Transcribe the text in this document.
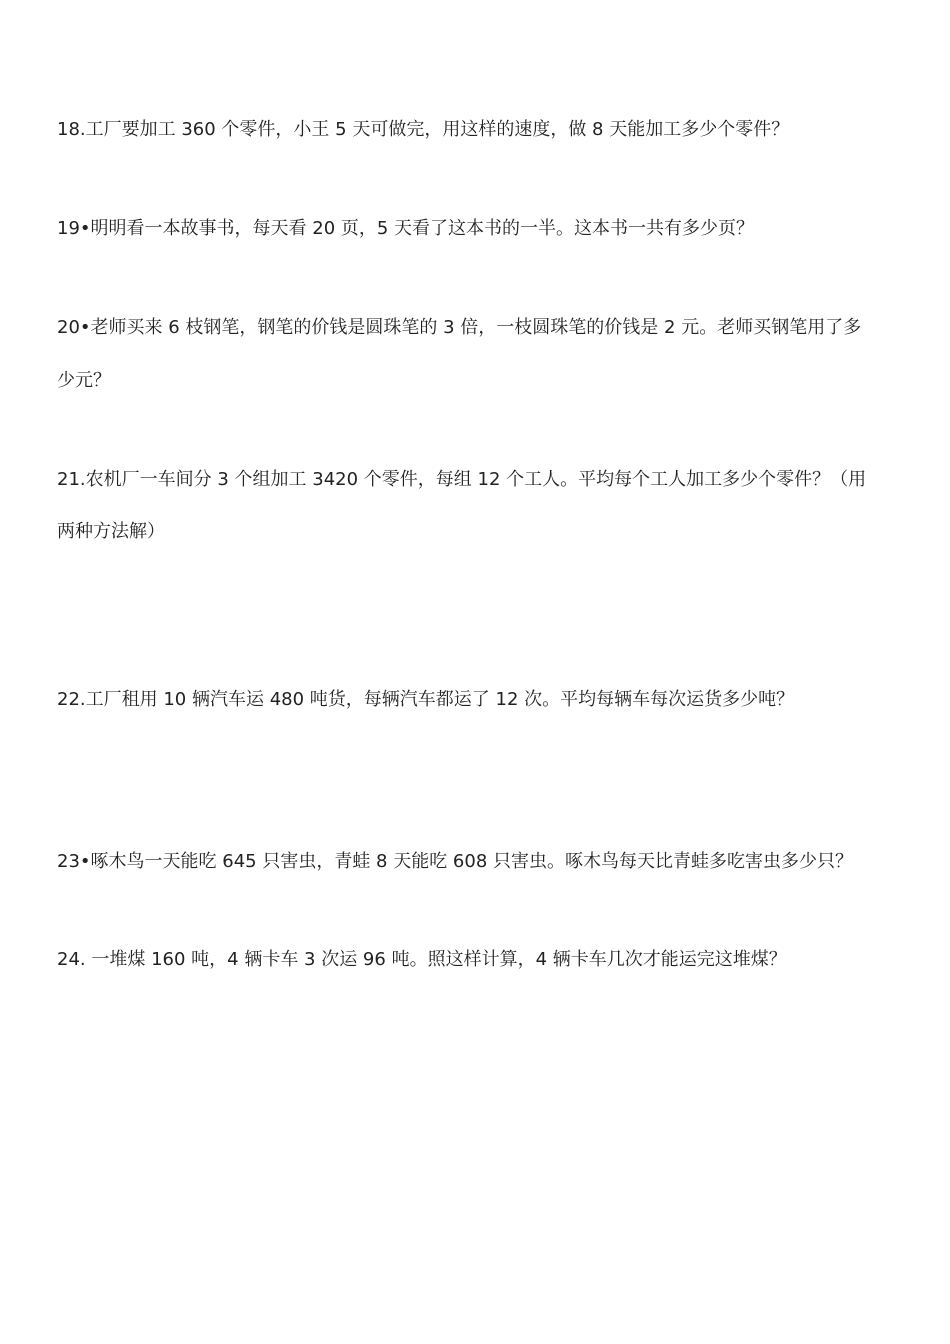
18.工厂要加工 360 个零件，小王 5 天可做完，用这样的速度，做 8 天能加工多少个零件？
19•明明看一本故事书，每天看 20 页，5 天看了这本书的一半。这本书一共有多少页？
20•老师买来 6 枝钢笔，钢笔的价钱是圆珠笔的 3 倍，一枝圆珠笔的价钱是 2 元。老师买钢笔用了多
少元？
21.农机厂一车间分 3 个组加工 3420 个零件，每组 12 个工人。平均每个工人加工多少个零件？（用
两种方法解）
22.工厂租用 10 辆汽车运 480 吨货，每辆汽车都运了 12 次。平均每辆车每次运货多少吨？
23•啄木鸟一天能吃 645 只害虫，青蛙 8 天能吃 608 只害虫。啄木鸟每天比青蛙多吃害虫多少只？
24. 一堆煤 160 吨，4 辆卡车 3 次运 96 吨。照这样计算，4 辆卡车几次才能运完这堆煤？
